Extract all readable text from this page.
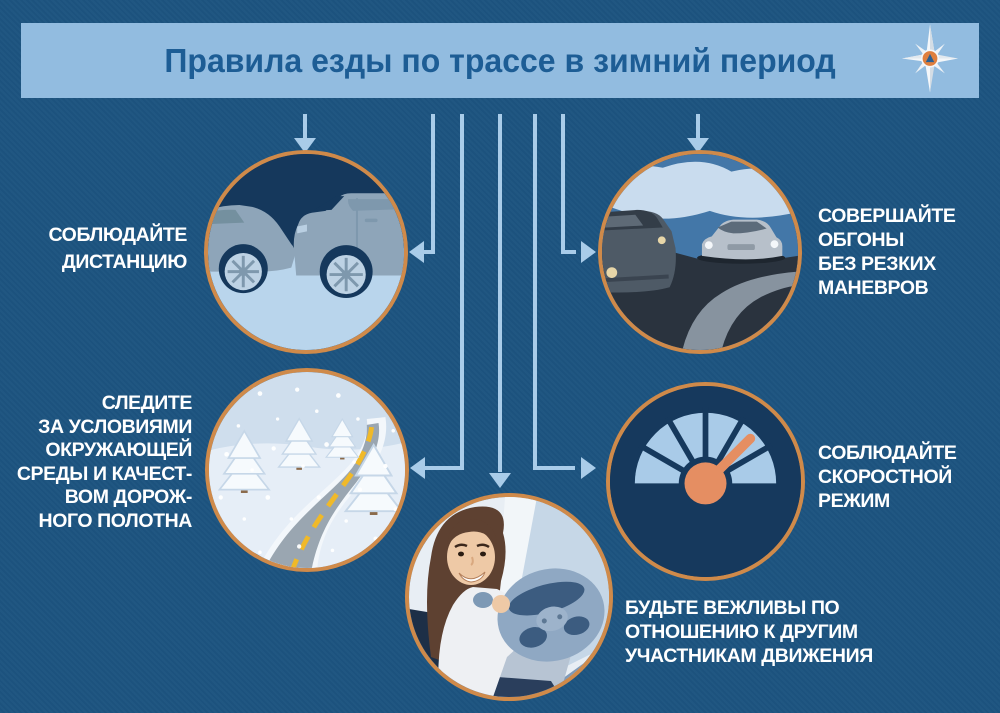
Правила езды по трассе в зимний период
СОБЛЮДАЙТЕ
ДИСТАНЦИЮ
СОВЕРШАЙТЕ
ОБГОНЫ
БЕЗ РЕЗКИХ
МАНЕВРОВ
СЛЕДИТЕ
ЗА УСЛОВИЯМИ
ОКРУЖАЮЩЕЙ
СРЕДЫ И КАЧЕСТ-
ВОМ ДОРОЖ-
НОГО ПОЛОТНА
СОБЛЮДАЙТЕ
СКОРОСТНОЙ
РЕЖИМ
БУДЬТЕ ВЕЖЛИВЫ ПО
ОТНОШЕНИЮ К ДРУГИМ
УЧАСТНИКАМ ДВИЖЕНИЯ
